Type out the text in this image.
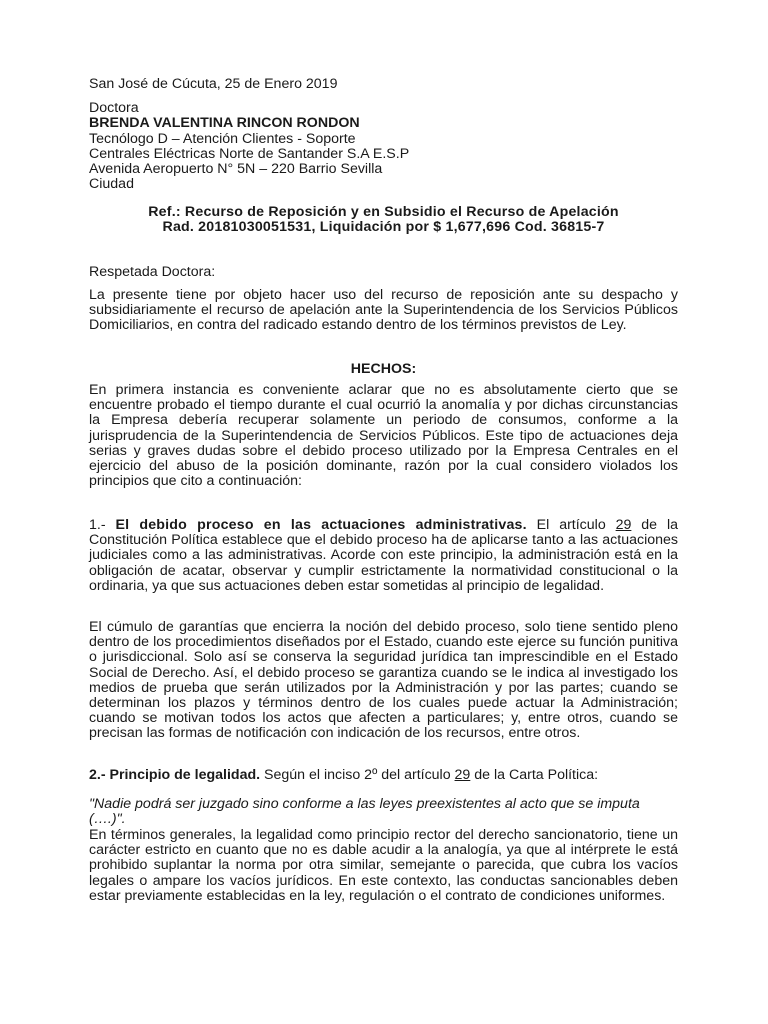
San José de Cúcuta, 25 de Enero 2019
Doctora
BRENDA VALENTINA RINCON RONDON
Tecnólogo D – Atención Clientes - Soporte
Centrales Eléctricas Norte de Santander S.A E.S.P
Avenida Aeropuerto N° 5N – 220 Barrio Sevilla
Ciudad
Ref.: Recurso de Reposición y en Subsidio el Recurso de Apelación
Rad. 20181030051531, Liquidación por $ 1,677,696 Cod. 36815-7

Respetada Doctora:

La presente tiene por objeto hacer uso del recurso de reposición ante su despacho y subsidiariamente el recurso de apelación ante la Superintendencia de los Servicios Públicos Domiciliarios, en contra del radicado estando dentro de los términos previstos de Ley.

HECHOS:

En primera instancia es conveniente aclarar que no es absolutamente cierto que se encuentre probado el tiempo durante el cual ocurrió la anomalía y por dichas circunstancias la Empresa debería recuperar solamente un periodo de consumos, conforme a la jurisprudencia de la Superintendencia de Servicios Públicos. Este tipo de actuaciones deja serias y graves dudas sobre el debido proceso utilizado por la Empresa Centrales en el ejercicio del abuso de la posición dominante, razón por la cual considero violados los principios que cito a continuación:

1.- El debido proceso en las actuaciones administrativas. El artículo 29 de la Constitución Política establece que el debido proceso ha de aplicarse tanto a las actuaciones judiciales como a las administrativas. Acorde con este principio, la administración está en la obligación de acatar, observar y cumplir estrictamente la normatividad constitucional o la ordinaria, ya que sus actuaciones deben estar sometidas al principio de legalidad.

El cúmulo de garantías que encierra la noción del debido proceso, solo tiene sentido pleno dentro de los procedimientos diseñados por el Estado, cuando este ejerce su función punitiva o jurisdiccional. Solo así se conserva la seguridad jurídica tan imprescindible en el Estado Social de Derecho. Así, el debido proceso se garantiza cuando se le indica al investigado los medios de prueba que serán utilizados por la Administración y por las partes; cuando se determinan los plazos y términos dentro de los cuales puede actuar la Administración; cuando se motivan todos los actos que afecten a particulares; y, entre otros, cuando se precisan las formas de notificación con indicación de los recursos, entre otros.

2.- Principio de legalidad. Según el inciso 2º del artículo 29 de la Carta Política:

"Nadie podrá ser juzgado sino conforme a las leyes preexistentes al acto que se imputa (….)".

En términos generales, la legalidad como principio rector del derecho sancionatorio, tiene un carácter estricto en cuanto que no es dable acudir a la analogía, ya que al intérprete le está prohibido suplantar la norma por otra similar, semejante o parecida, que cubra los vacíos legales o ampare los vacíos jurídicos. En este contexto, las conductas sancionables deben estar previamente establecidas en la ley, regulación o el contrato de condiciones uniformes.
